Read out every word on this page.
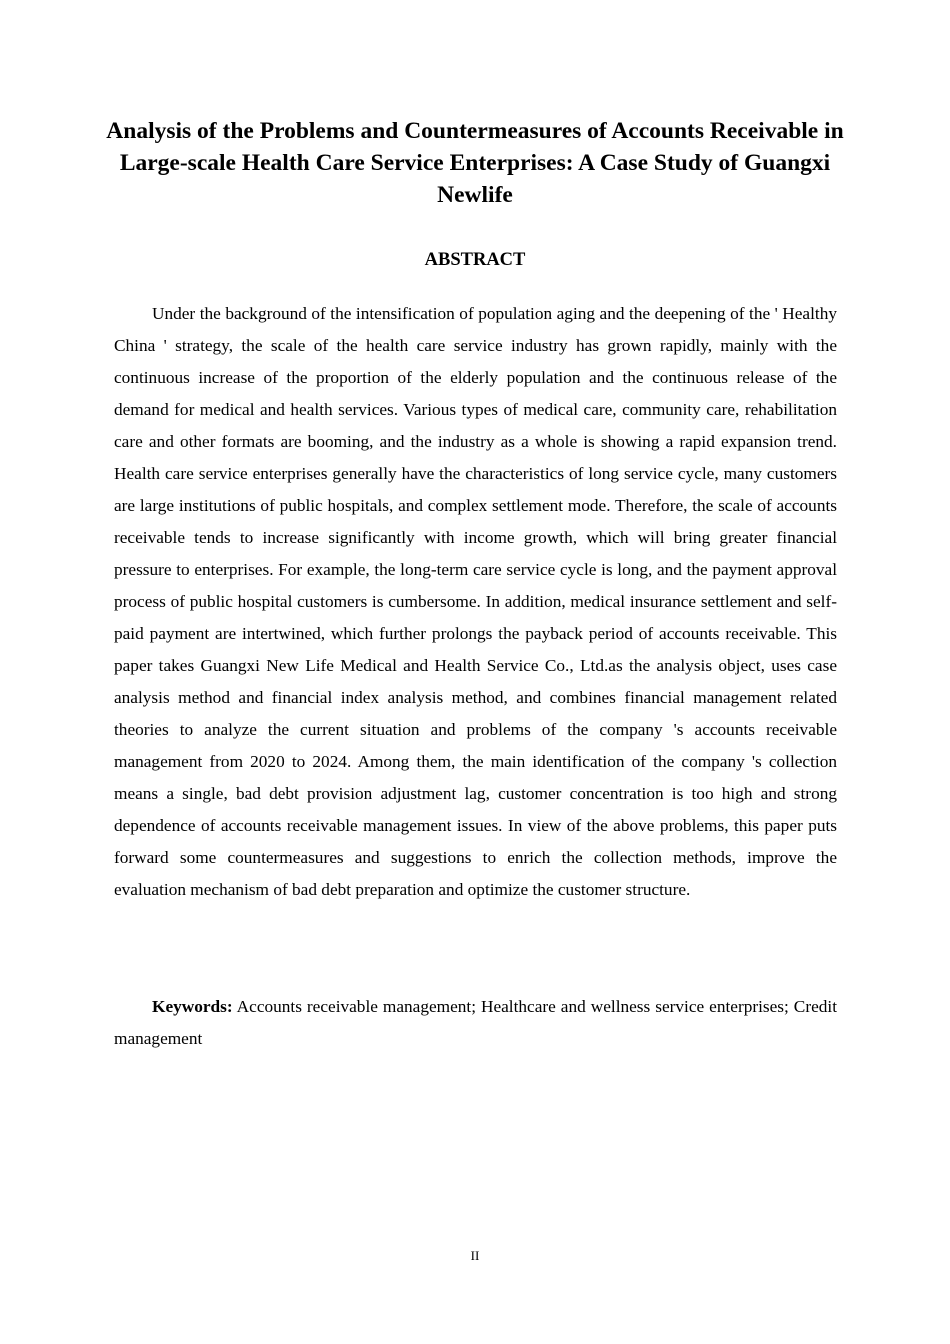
Analysis of the Problems and Countermeasures of Accounts Receivable in Large-scale Health Care Service Enterprises: A Case Study of Guangxi Newlife
ABSTRACT

Under the background of the intensification of population aging and the deepening of the ' Healthy China ' strategy, the scale of the health care service industry has grown rapidly, mainly with the continuous increase of the proportion of the elderly population and the continuous release of the demand for medical and health services. Various types of medical care, community care, rehabilitation care and other formats are booming, and the industry as a whole is showing a rapid expansion trend. Health care service enterprises generally have the characteristics of long service cycle, many customers are large institutions of public hospitals, and complex settlement mode. Therefore, the scale of accounts receivable tends to increase significantly with income growth, which will bring greater financial pressure to enterprises. For example, the long-term care service cycle is long, and the payment approval process of public hospital customers is cumbersome. In addition, medical insurance settlement and self-paid payment are intertwined, which further prolongs the payback period of accounts receivable. This paper takes Guangxi New Life Medical and Health Service Co., Ltd.as the analysis object, uses case analysis method and financial index analysis method, and combines financial management related theories to analyze the current situation and problems of the company 's accounts receivable management from 2020 to 2024. Among them, the main identification of the company 's collection means a single, bad debt provision adjustment lag, customer concentration is too high and strong dependence of accounts receivable management issues. In view of the above problems, this paper puts forward some countermeasures and suggestions to enrich the collection methods, improve the evaluation mechanism of bad debt preparation and optimize the customer structure.

Keywords: Accounts receivable management; Healthcare and wellness service enterprises; Credit management

II
